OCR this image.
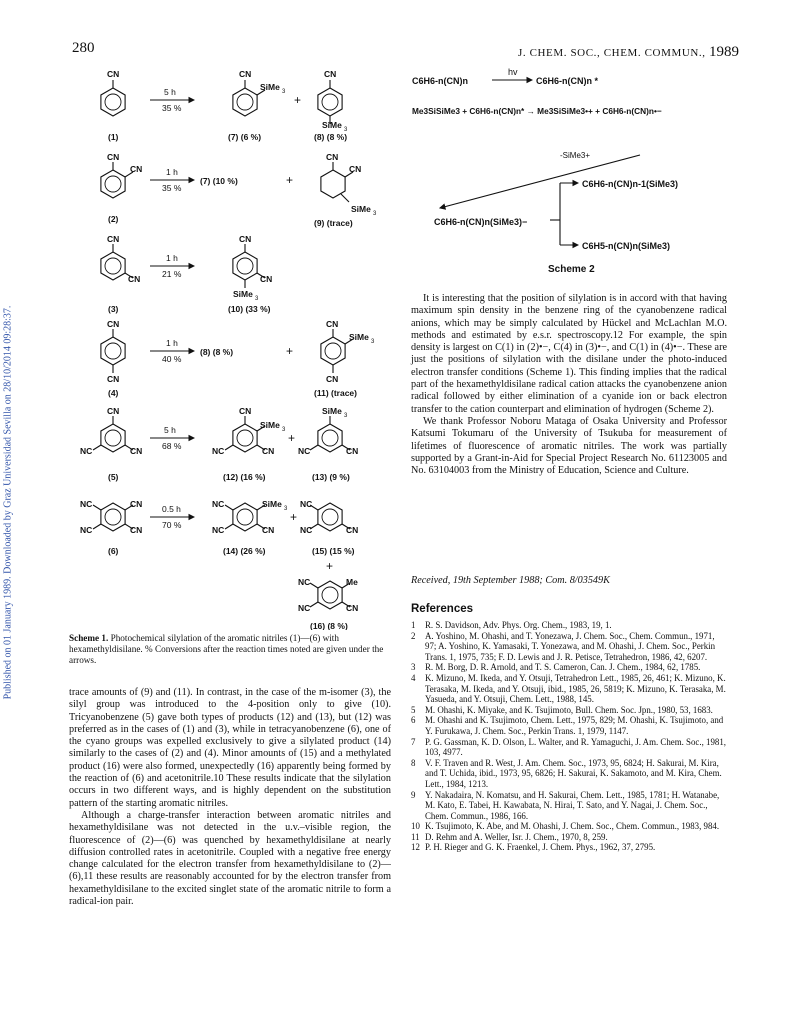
280	J. CHEM. SOC., CHEM. COMMUN., 1989
Published on 01 January 1989. Downloaded by Graz Universidad Sevilla on 28/10/2014 09:28:37.
CN
5 h
35 %
CN
SiMe 3
+
CN
SiMe 3
(1)	(7) (6 %)	(8) (8 %)
CN
CN	1 h
35 %
(7) (10 %)	+
CN
CN
SiMe 3
(2)	(9) (trace)
CN
CN
1 h
21 %
CN
CN
SiMe 3
(3)	(10) (33 %)
CN
CN
1 h
40 %
(8) (8 %)	+
CN
SiMe 3
CN
(4)	(11) (trace)
CN
NC	CN
5 h
68 %
CN
SiMe 3
NC	CN
+
SiMe 3
NC	CN
(5)	(12) (16 %)	(13) (9 %)
NC	CN
NC	CN
0.5 h
70 %
NC	SiMe 3
NC	CN
+
NC
NC	CN
(6)	(14) (26 %)	(15) (15 %)
+
NC	Me
NC	CN
(16) (8 %)
Scheme 1. Photochemical silylation of the aromatic nitriles (1)—(6) with hexamethyldisilane. % Conversions after the reaction times noted are given under the arrows.
C6H6-n(CN)n
hv
C6H6-n(CN)n *
Me3SiSiMe3 + C6H6-n(CN)n* → Me3SiSiMe3•+ + C6H6-n(CN)n•−
-SiMe3+
C6H6-n(CN)n(SiMe3)−
C6H6-n(CN)n-1(SiMe3)
C6H5-n(CN)n(SiMe3)
Scheme 2

trace amounts of (9) and (11). In contrast, in the case of the m-isomer (3), the silyl group was introduced to the 4-position only to give (10). Tricyanobenzene (5) gave both types of products (12) and (13), but (12) was preferred as in the cases of (1) and (3), while in tetracyanobenzene (6), one of the cyano groups was expelled exclusively to give a silylated product (14) similarly to the cases of (2) and (4). Minor amounts of (15) and a methylated product (16) were also formed, unexpectedly (16) apparently being formed by the reaction of (6) and acetonitrile.10 These results indicate that the silylation occurs in two different ways, and is highly dependent on the substitution pattern of the starting aromatic nitriles.

Although a charge-transfer interaction between aromatic nitriles and hexamethyldisilane was not detected in the u.v.–visible region, the fluorescence of (2)—(6) was quenched by hexamethyldisilane at nearly diffusion controlled rates in acetonitrile. Coupled with a negative free energy change calculated for the electron transfer from hexamethyldisilane to (2)—(6),11 these results are reasonably accounted for by the electron transfer from hexamethyldisilane to the excited singlet state of the aromatic nitrile to form a radical-ion pair.

It is interesting that the position of silylation is in accord with that having maximum spin density in the benzene ring of the cyanobenzene radical anions, which may be simply calculated by Hückel and McLachlan M.O. methods and estimated by e.s.r. spectroscopy.12 For example, the spin density is largest on C(1) in (2)•−, C(4) in (3)•−, and C(1) in (4)•−. These are just the positions of silylation with the disilane under the photo-induced electron transfer conditions (Scheme 1). This finding implies that the radical part of the hexamethyldisilane radical cation attacks the cyanobenzene anion radical followed by either elimination of a cyanide ion or back electron transfer to the cation counterpart and elimination of hydrogen (Scheme 2).

We thank Professor Noboru Mataga of Osaka University and Professor Katsumi Tokumaru of the University of Tsukuba for measurement of lifetimes of fluorescence of aromatic nitriles. The work was partially supported by a Grant-in-Aid for Special Project Research No. 61123005 and No. 63104003 from the Ministry of Education, Science and Culture.

Received, 19th September 1988; Com. 8/03549K
References
1 R. S. Davidson, Adv. Phys. Org. Chem., 1983, 19, 1.
2 A. Yoshino, M. Ohashi, and T. Yonezawa, J. Chem. Soc., Chem. Commun., 1971, 97; A. Yoshino, K. Yamasaki, T. Yonezawa, and M. Ohashi, J. Chem. Soc., Perkin Trans. 1, 1975, 735; F. D. Lewis and J. R. Petisce, Tetrahedron, 1986, 42, 6207.
3 R. M. Borg, D. R. Arnold, and T. S. Cameron, Can. J. Chem., 1984, 62, 1785.
4 K. Mizuno, M. Ikeda, and Y. Otsuji, Tetrahedron Lett., 1985, 26, 461; K. Mizuno, K. Terasaka, M. Ikeda, and Y. Otsuji, ibid., 1985, 26, 5819; K. Mizuno, K. Terasaka, M. Yasueda, and Y. Otsuji, Chem. Lett., 1988, 145.
5 M. Ohashi, K. Miyake, and K. Tsujimoto, Bull. Chem. Soc. Jpn., 1980, 53, 1683.
6 M. Ohashi and K. Tsujimoto, Chem. Lett., 1975, 829; M. Ohashi, K. Tsujimoto, and Y. Furukawa, J. Chem. Soc., Perkin Trans. 1, 1979, 1147.
7 P. G. Gassman, K. D. Olson, L. Walter, and R. Yamaguchi, J. Am. Chem. Soc., 1981, 103, 4977.
8 V. F. Traven and R. West, J. Am. Chem. Soc., 1973, 95, 6824; H. Sakurai, M. Kira, and T. Uchida, ibid., 1973, 95, 6826; H. Sakurai, K. Sakamoto, and M. Kira, Chem. Lett., 1984, 1213.
9 Y. Nakadaira, N. Komatsu, and H. Sakurai, Chem. Lett., 1985, 1781; H. Watanabe, M. Kato, E. Tabei, H. Kawabata, N. Hirai, T. Sato, and Y. Nagai, J. Chem. Soc., Chem. Commun., 1986, 166.
10 K. Tsujimoto, K. Abe, and M. Ohashi, J. Chem. Soc., Chem. Commun., 1983, 984.
11 D. Rehm and A. Weller, Isr. J. Chem., 1970, 8, 259.
12 P. H. Rieger and G. K. Fraenkel, J. Chem. Phys., 1962, 37, 2795.
